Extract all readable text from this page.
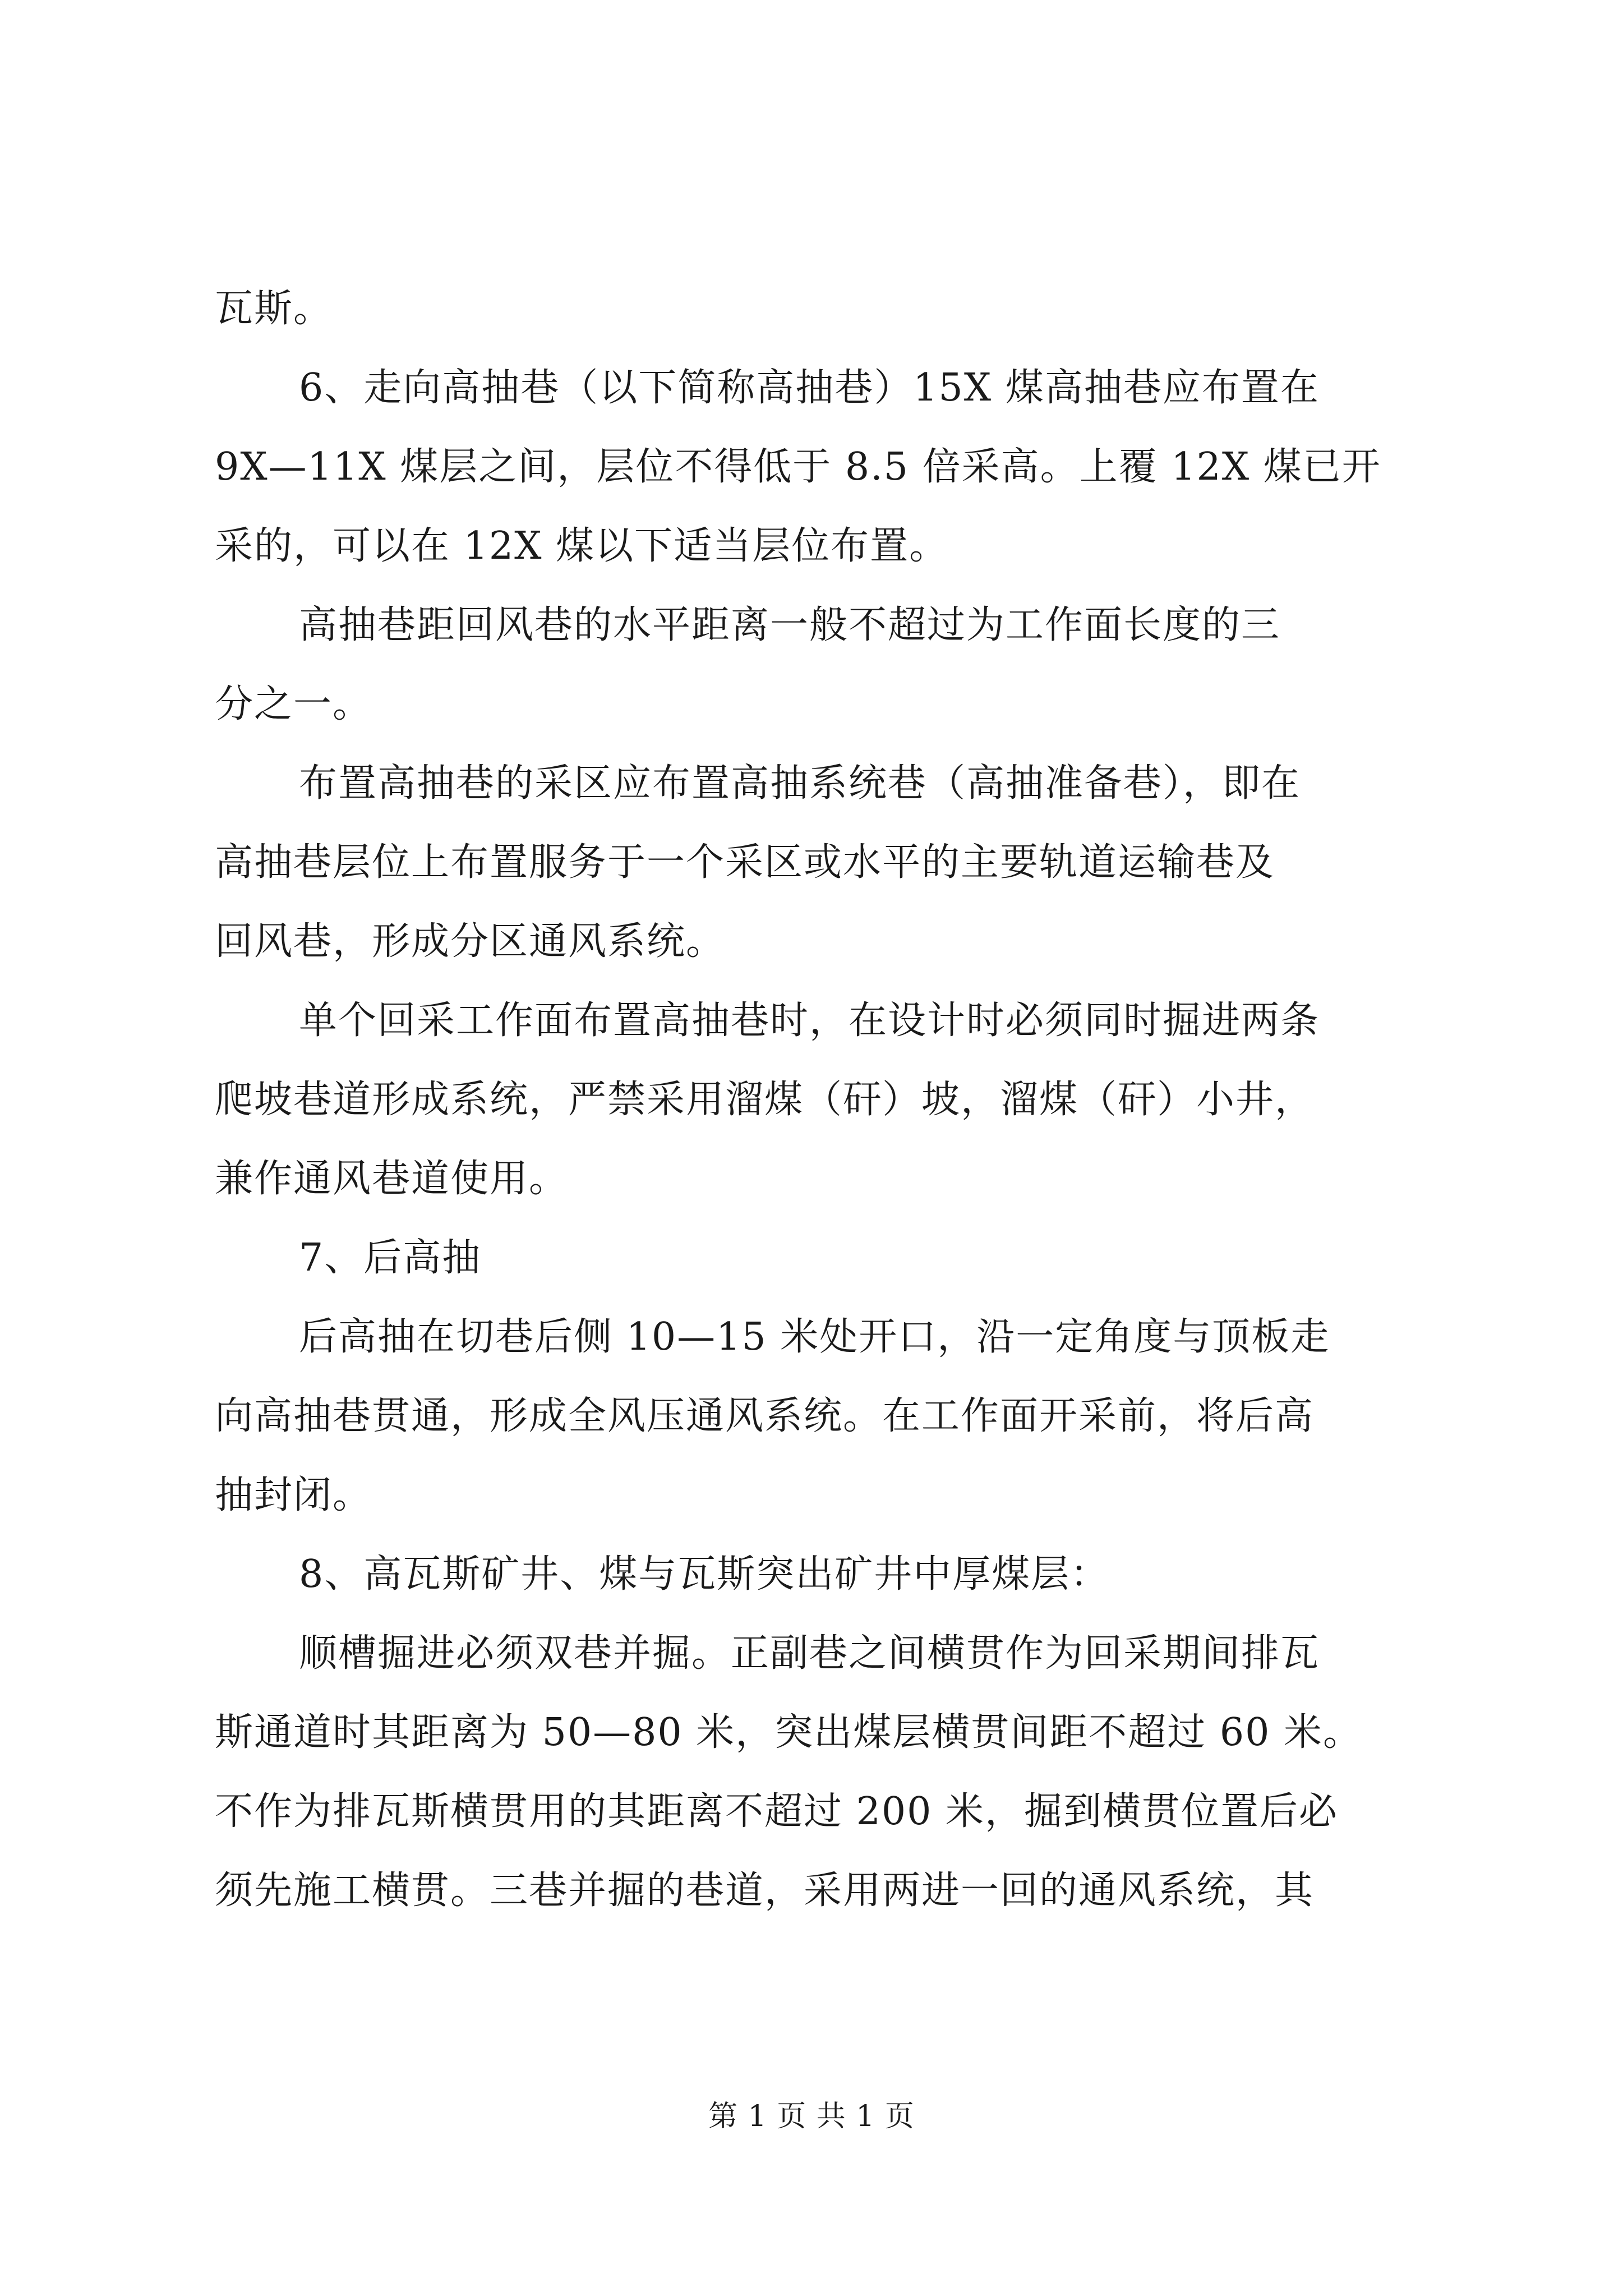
瓦斯。
6、走向高抽巷（以下简称高抽巷）15X 煤高抽巷应布置在
9X—11X 煤层之间，层位不得低于 8.5 倍采高。上覆 12X 煤已开
采的，可以在 12X 煤以下适当层位布置。
高抽巷距回风巷的水平距离一般不超过为工作面长度的三
分之一。
布置高抽巷的采区应布置高抽系统巷（高抽准备巷），即在
高抽巷层位上布置服务于一个采区或水平的主要轨道运输巷及
回风巷，形成分区通风系统。
单个回采工作面布置高抽巷时，在设计时必须同时掘进两条
爬坡巷道形成系统，严禁采用溜煤（矸）坡，溜煤（矸）小井，
兼作通风巷道使用。
7、后高抽
后高抽在切巷后侧 10—15 米处开口，沿一定角度与顶板走
向高抽巷贯通，形成全风压通风系统。在工作面开采前，将后高
抽封闭。
8、高瓦斯矿井、煤与瓦斯突出矿井中厚煤层：
顺槽掘进必须双巷并掘。正副巷之间横贯作为回采期间排瓦
斯通道时其距离为 50—80 米，突出煤层横贯间距不超过 60 米。
不作为排瓦斯横贯用的其距离不超过 200 米，掘到横贯位置后必
须先施工横贯。三巷并掘的巷道，采用两进一回的通风系统，其
第 1 页 共 1 页
